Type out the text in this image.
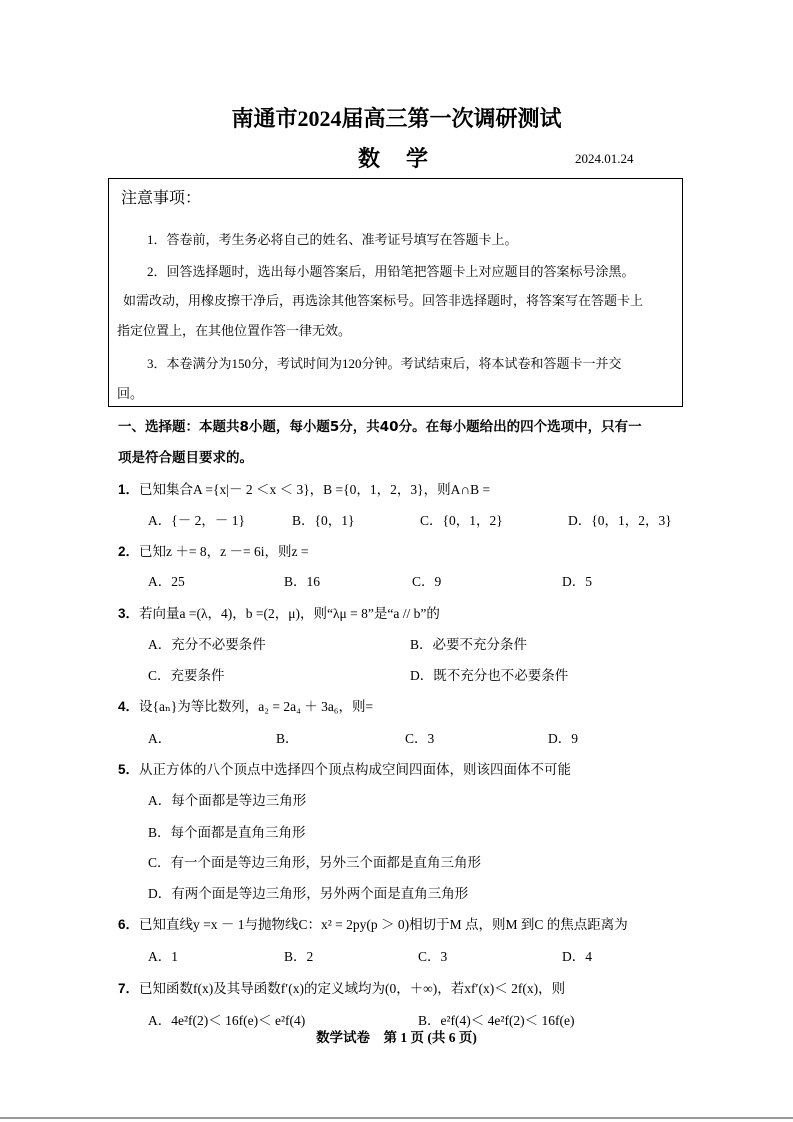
南通市2024届高三第一次调研测试
数学	2024.01.24
注意事项：
1．答卷前，考生务必将自己的姓名、准考证号填写在答题卡上。
2．回答选择题时，选出每小题答案后，用铅笔把答题卡上对应题目的答案标号涂黑。
如需改动，用橡皮擦干净后，再选涂其他答案标号。回答非选择题时，将答案写在答题卡上
指定位置上，在其他位置作答一律无效。
3．本卷满分为150分，考试时间为120分钟。考试结束后，将本试卷和答题卡一并交
回。
一、选择题：本题共8小题，每小题5分，共40分。在每小题给出的四个选项中，只有一
项是符合题目要求的。
1．已知集合A ={x|－ 2 ＜x ＜ 3}，B ={0，1，2，3}，则A∩B =
A．{－ 2，－ 1}	B．{0，1}	C．{0，1，2}	D．{0，1，2，3}
2．已知z ＋= 8，z －= 6i，则z =
A．25	B．16	C．9	D．5
3．若向量a =(λ，4)，b =(2，μ)，则“λμ = 8”是“a // b”的
A．充分不必要条件	B．必要不充分条件
C．充要条件	D．既不充分也不必要条件
4．设{aₙ}为等比数列，a₂ = 2a₄ ＋ 3a₆，则=
A．	B．	C．3	D．9
5．从正方体的八个顶点中选择四个顶点构成空间四面体，则该四面体不可能
A．每个面都是等边三角形
B．每个面都是直角三角形
C．有一个面是等边三角形，另外三个面都是直角三角形
D．有两个面是等边三角形，另外两个面是直角三角形
6．已知直线y =x － 1与抛物线C：x² = 2py(p ＞ 0)相切于M 点，则M 到C 的焦点距离为
A．1	B．2	C．3	D．4
7．已知函数f(x)及其导函数f′(x)的定义域均为(0，＋∞)，若xf′(x)＜ 2f(x)，则
A．4e²f(2)＜ 16f(e)＜ e²f(4)	B．e²f(4)＜ 4e²f(2)＜ 16f(e)
数学试卷　第 1 页 (共 6 页)
